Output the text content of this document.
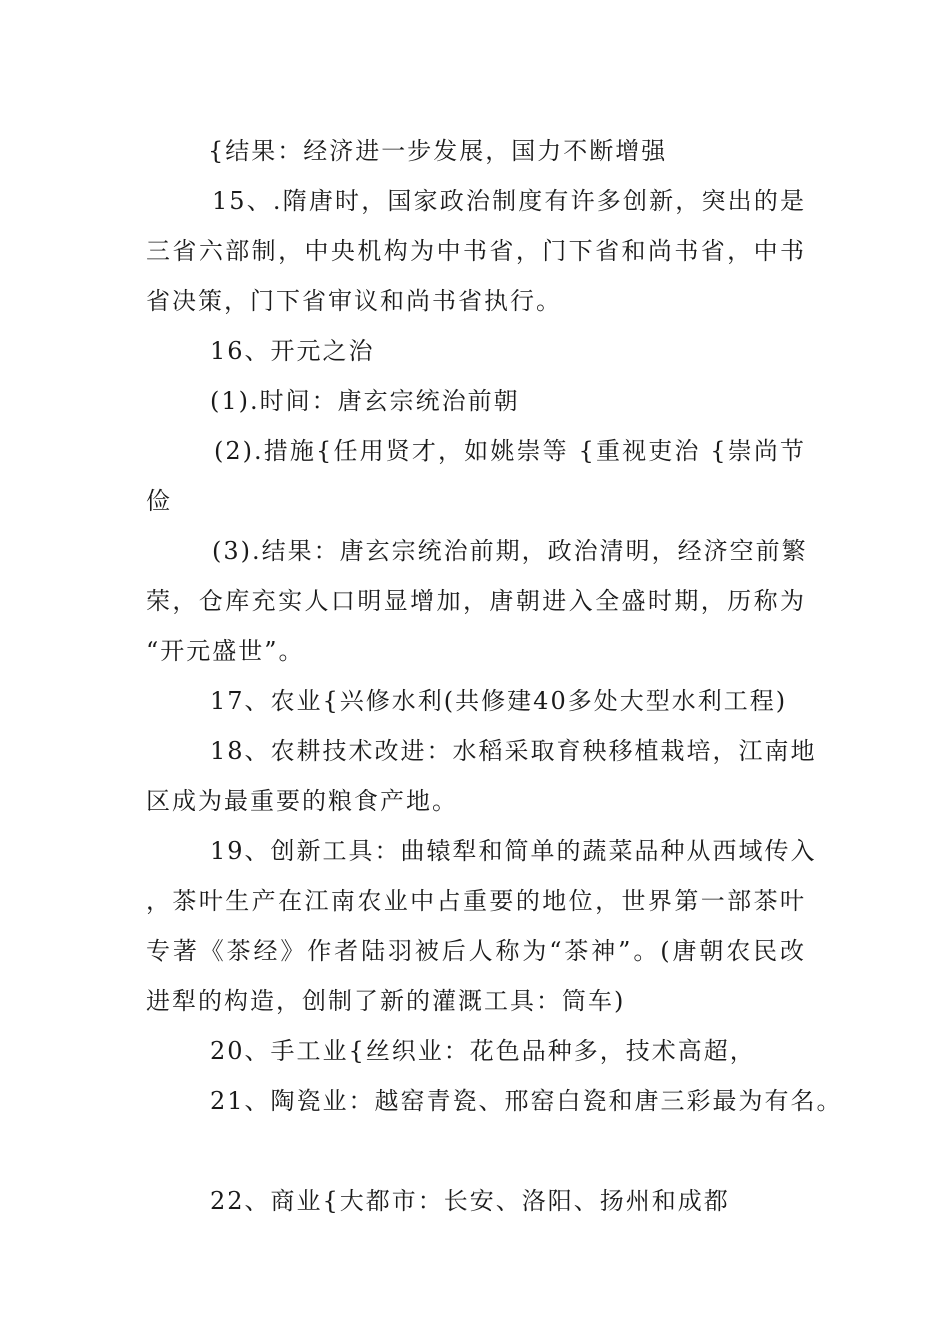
{结果：经济进一步发展，国力不断增强
15、.隋唐时，国家政治制度有许多创新，突出的是
三省六部制，中央机构为中书省，门下省和尚书省，中书
省决策，门下省审议和尚书省执行。
16、开元之治
(1).时间：唐玄宗统治前朝
(2).措施{任用贤才，如姚崇等 {重视吏治 {崇尚节
俭
(3).结果：唐玄宗统治前期，政治清明，经济空前繁
荣，仓库充实人口明显增加，唐朝进入全盛时期，历称为
“开元盛世”。
17、农业{兴修水利(共修建40多处大型水利工程)
18、农耕技术改进：水稻采取育秧移植栽培，江南地
区成为最重要的粮食产地。
19、创新工具：曲辕犁和简单的蔬菜品种从西域传入
，茶叶生产在江南农业中占重要的地位，世界第一部茶叶
专著《茶经》作者陆羽被后人称为“茶神”。(唐朝农民改
进犁的构造，创制了新的灌溉工具：筒车)
20、手工业{丝织业：花色品种多，技术高超，
21、陶瓷业：越窑青瓷、邢窑白瓷和唐三彩最为有名。
22、商业{大都市：长安、洛阳、扬州和成都
